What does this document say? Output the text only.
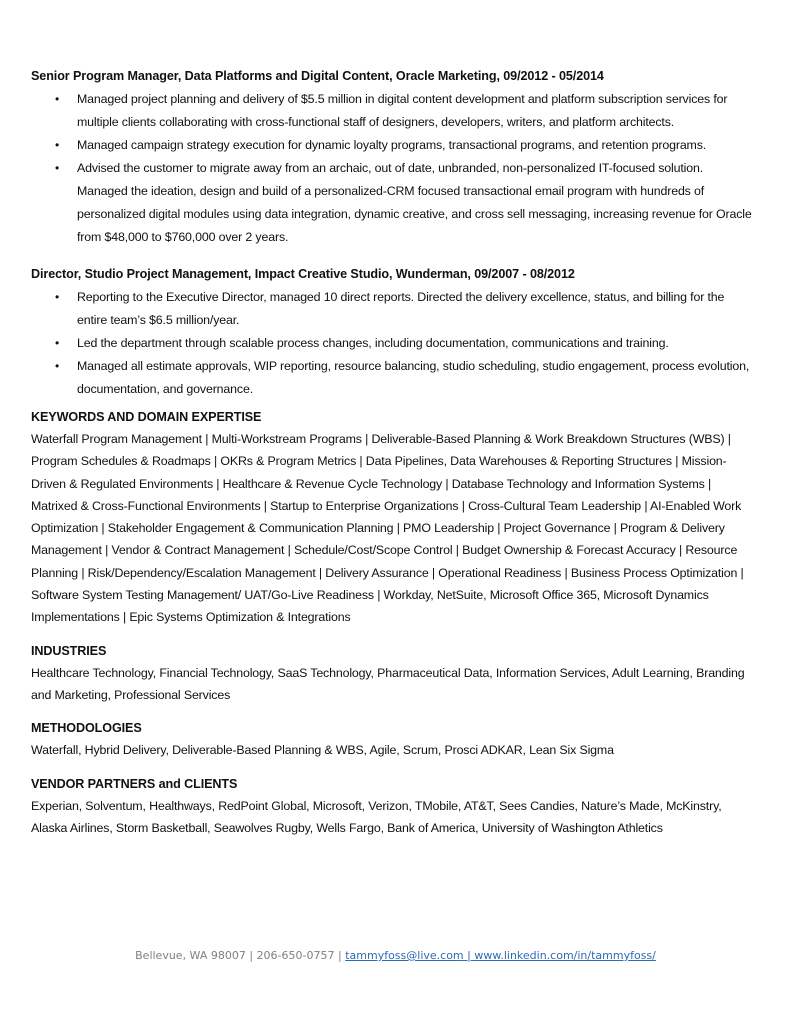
Senior Program Manager, Data Platforms and Digital Content, Oracle Marketing, 09/2012 - 05/2014

• Managed project planning and delivery of $5.5 million in digital content development and platform subscription services for multiple clients collaborating with cross-functional staff of designers, developers, writers, and platform architects.
• Managed campaign strategy execution for dynamic loyalty programs, transactional programs, and retention programs.
• Advised the customer to migrate away from an archaic, out of date, unbranded, non-personalized IT-focused solution. Managed the ideation, design and build of a personalized-CRM focused transactional email program with hundreds of personalized digital modules using data integration, dynamic creative, and cross sell messaging, increasing revenue for Oracle from $48,000 to $760,000 over 2 years.

Director, Studio Project Management, Impact Creative Studio, Wunderman, 09/2007 - 08/2012

• Reporting to the Executive Director, managed 10 direct reports. Directed the delivery excellence, status, and billing for the entire team’s $6.5 million/year.
• Led the department through scalable process changes, including documentation, communications and training.
• Managed all estimate approvals, WIP reporting, resource balancing, studio scheduling, studio engagement, process evolution, documentation, and governance.

KEYWORDS AND DOMAIN EXPERTISE

Waterfall Program Management | Multi-Workstream Programs | Deliverable-Based Planning & Work Breakdown Structures (WBS) | Program Schedules & Roadmaps | OKRs & Program Metrics | Data Pipelines, Data Warehouses & Reporting Structures | Mission-Driven & Regulated Environments | Healthcare & Revenue Cycle Technology | Database Technology and Information Systems | Matrixed & Cross-Functional Environments | Startup to Enterprise Organizations | Cross-Cultural Team Leadership | AI-Enabled Work Optimization | Stakeholder Engagement & Communication Planning | PMO Leadership | Project Governance | Program & Delivery Management | Vendor & Contract Management | Schedule/Cost/Scope Control | Budget Ownership & Forecast Accuracy | Resource Planning | Risk/Dependency/Escalation Management | Delivery Assurance | Operational Readiness | Business Process Optimization | Software System Testing Management/ UAT/Go-Live Readiness | Workday, NetSuite, Microsoft Office 365, Microsoft Dynamics Implementations | Epic Systems Optimization & Integrations

INDUSTRIES

Healthcare Technology, Financial Technology, SaaS Technology, Pharmaceutical Data, Information Services, Adult Learning, Branding and Marketing, Professional Services

METHODOLOGIES

Waterfall, Hybrid Delivery, Deliverable-Based Planning & WBS, Agile, Scrum, Prosci ADKAR, Lean Six Sigma

VENDOR PARTNERS and CLIENTS

Experian, Solventum, Healthways, RedPoint Global, Microsoft, Verizon, TMobile, AT&T, Sees Candies, Nature’s Made, McKinstry, Alaska Airlines, Storm Basketball, Seawolves Rugby, Wells Fargo, Bank of America, University of Washington Athletics

Bellevue, WA 98007 | 206-650-0757 | tammyfoss@live.com | www.linkedin.com/in/tammyfoss/
